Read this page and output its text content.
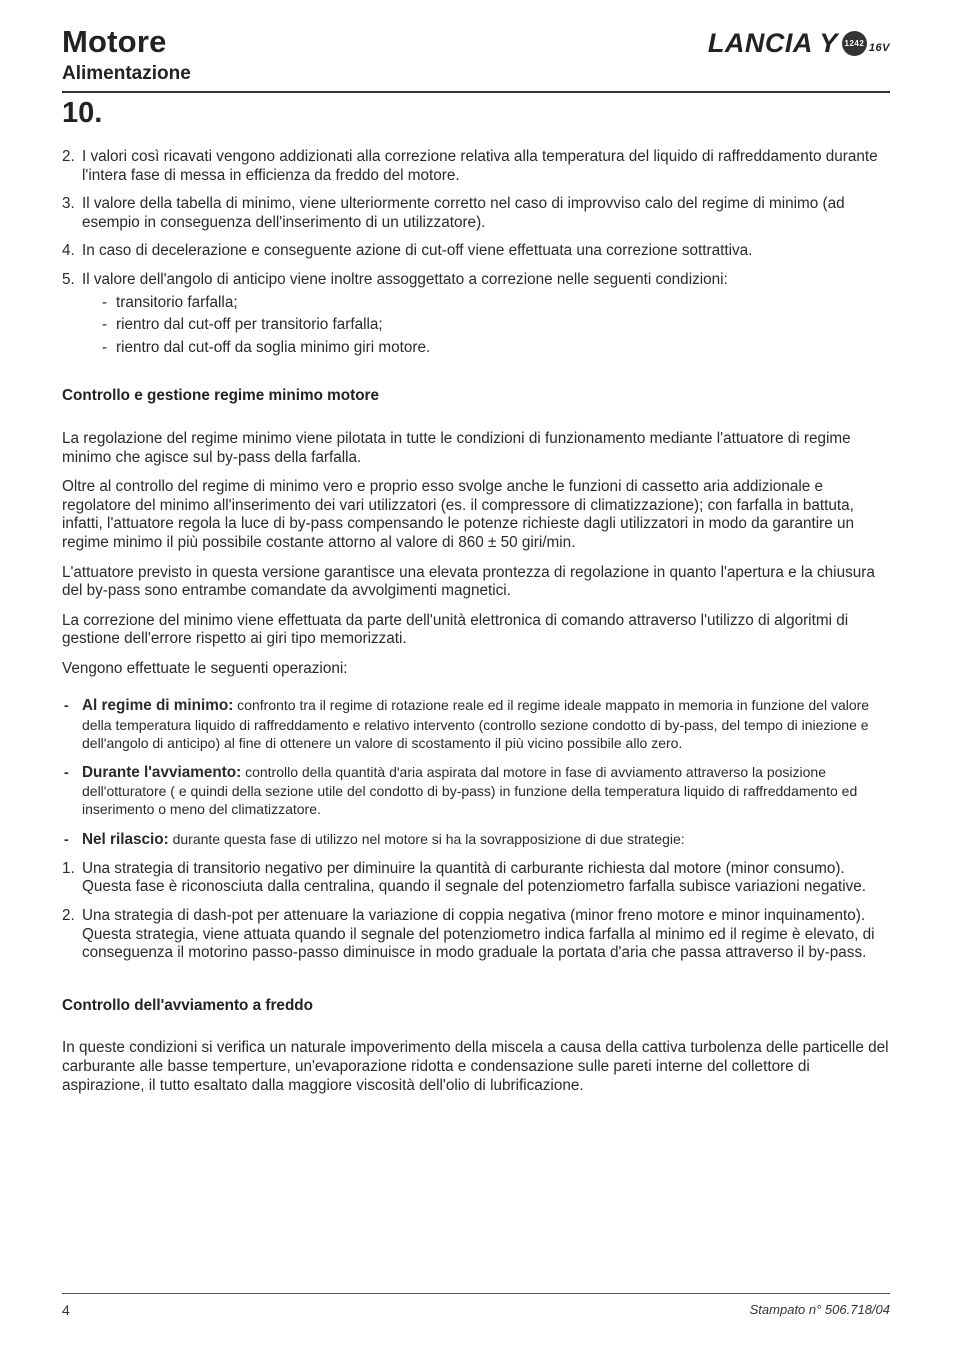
Motore
Alimentazione
LANCIA Y 1242 16V
10.
2. I valori così ricavati vengono addizionati alla correzione relativa alla temperatura del liquido di raffreddamento durante l'intera fase di messa in efficienza da freddo del motore.
3. Il valore della tabella di minimo, viene ulteriormente corretto nel caso di improvviso calo del regime di minimo (ad esempio in conseguenza dell'inserimento di un utilizzatore).
4. In caso di decelerazione e conseguente azione di cut-off viene effettuata una correzione sottrattiva.
5. Il valore dell'angolo di anticipo viene inoltre assoggettato a correzione nelle seguenti condizioni:
- transitorio farfalla;
- rientro dal cut-off per transitorio farfalla;
- rientro dal cut-off da soglia minimo giri motore.
Controllo e gestione regime minimo motore

La regolazione del regime minimo viene pilotata in tutte le condizioni di funzionamento mediante l'attuatore di regime minimo che agisce sul by-pass della farfalla.

Oltre al controllo del regime di minimo vero e proprio esso svolge anche le funzioni di cassetto aria addizionale e regolatore del minimo all'inserimento dei vari utilizzatori (es. il compressore di climatizzazione); con farfalla in battuta, infatti, l'attuatore regola la luce di by-pass compensando le potenze richieste dagli utilizzatori in modo da garantire un regime minimo il più possibile costante attorno al valore di 860 ± 50 giri/min.

L'attuatore previsto in questa versione garantisce una elevata prontezza di regolazione in quanto l'apertura e la chiusura del by-pass sono entrambe comandate da avvolgimenti magnetici.

La correzione del minimo viene effettuata da parte dell'unità elettronica di comando attraverso l'utilizzo di algoritmi di gestione dell'errore rispetto ai giri tipo memorizzati.

Vengono effettuate le seguenti operazioni:

- Al regime di minimo: confronto tra il regime di rotazione reale ed il regime ideale mappato in memoria in funzione del valore della temperatura liquido di raffreddamento e relativo intervento (controllo sezione condotto di by-pass, del tempo di iniezione e dell'angolo di anticipo) al fine di ottenere un valore di scostamento il più vicino possibile allo zero.
- Durante l'avviamento: controllo della quantità d'aria aspirata dal motore in fase di avviamento attraverso la posizione dell'otturatore ( e quindi della sezione utile del condotto di by-pass) in funzione della temperatura liquido di raffreddamento ed inserimento o meno del climatizzatore.
- Nel rilascio: durante questa fase di utilizzo nel motore si ha la sovrapposizione di due strategie:
1. Una strategia di transitorio negativo per diminuire la quantità di carburante richiesta dal motore (minor consumo). Questa fase è riconosciuta dalla centralina, quando il segnale del potenziometro farfalla subisce variazioni negative.
2. Una strategia di dash-pot per attenuare la variazione di coppia negativa (minor freno motore e minor inquinamento). Questa strategia, viene attuata quando il segnale del potenziometro indica farfalla al minimo ed il regime è elevato, di conseguenza il motorino passo-passo diminuisce in modo graduale la portata d'aria che passa attraverso il by-pass.
Controllo dell'avviamento a freddo

In queste condizioni si verifica un naturale impoverimento della miscela a causa della cattiva turbolenza delle particelle del carburante alle basse temperture, un'evaporazione ridotta e condensazione sulle pareti interne del collettore di aspirazione, il tutto esaltato dalla maggiore viscosità dell'olio di lubrificazione.

4	Stampato n° 506.718/04
